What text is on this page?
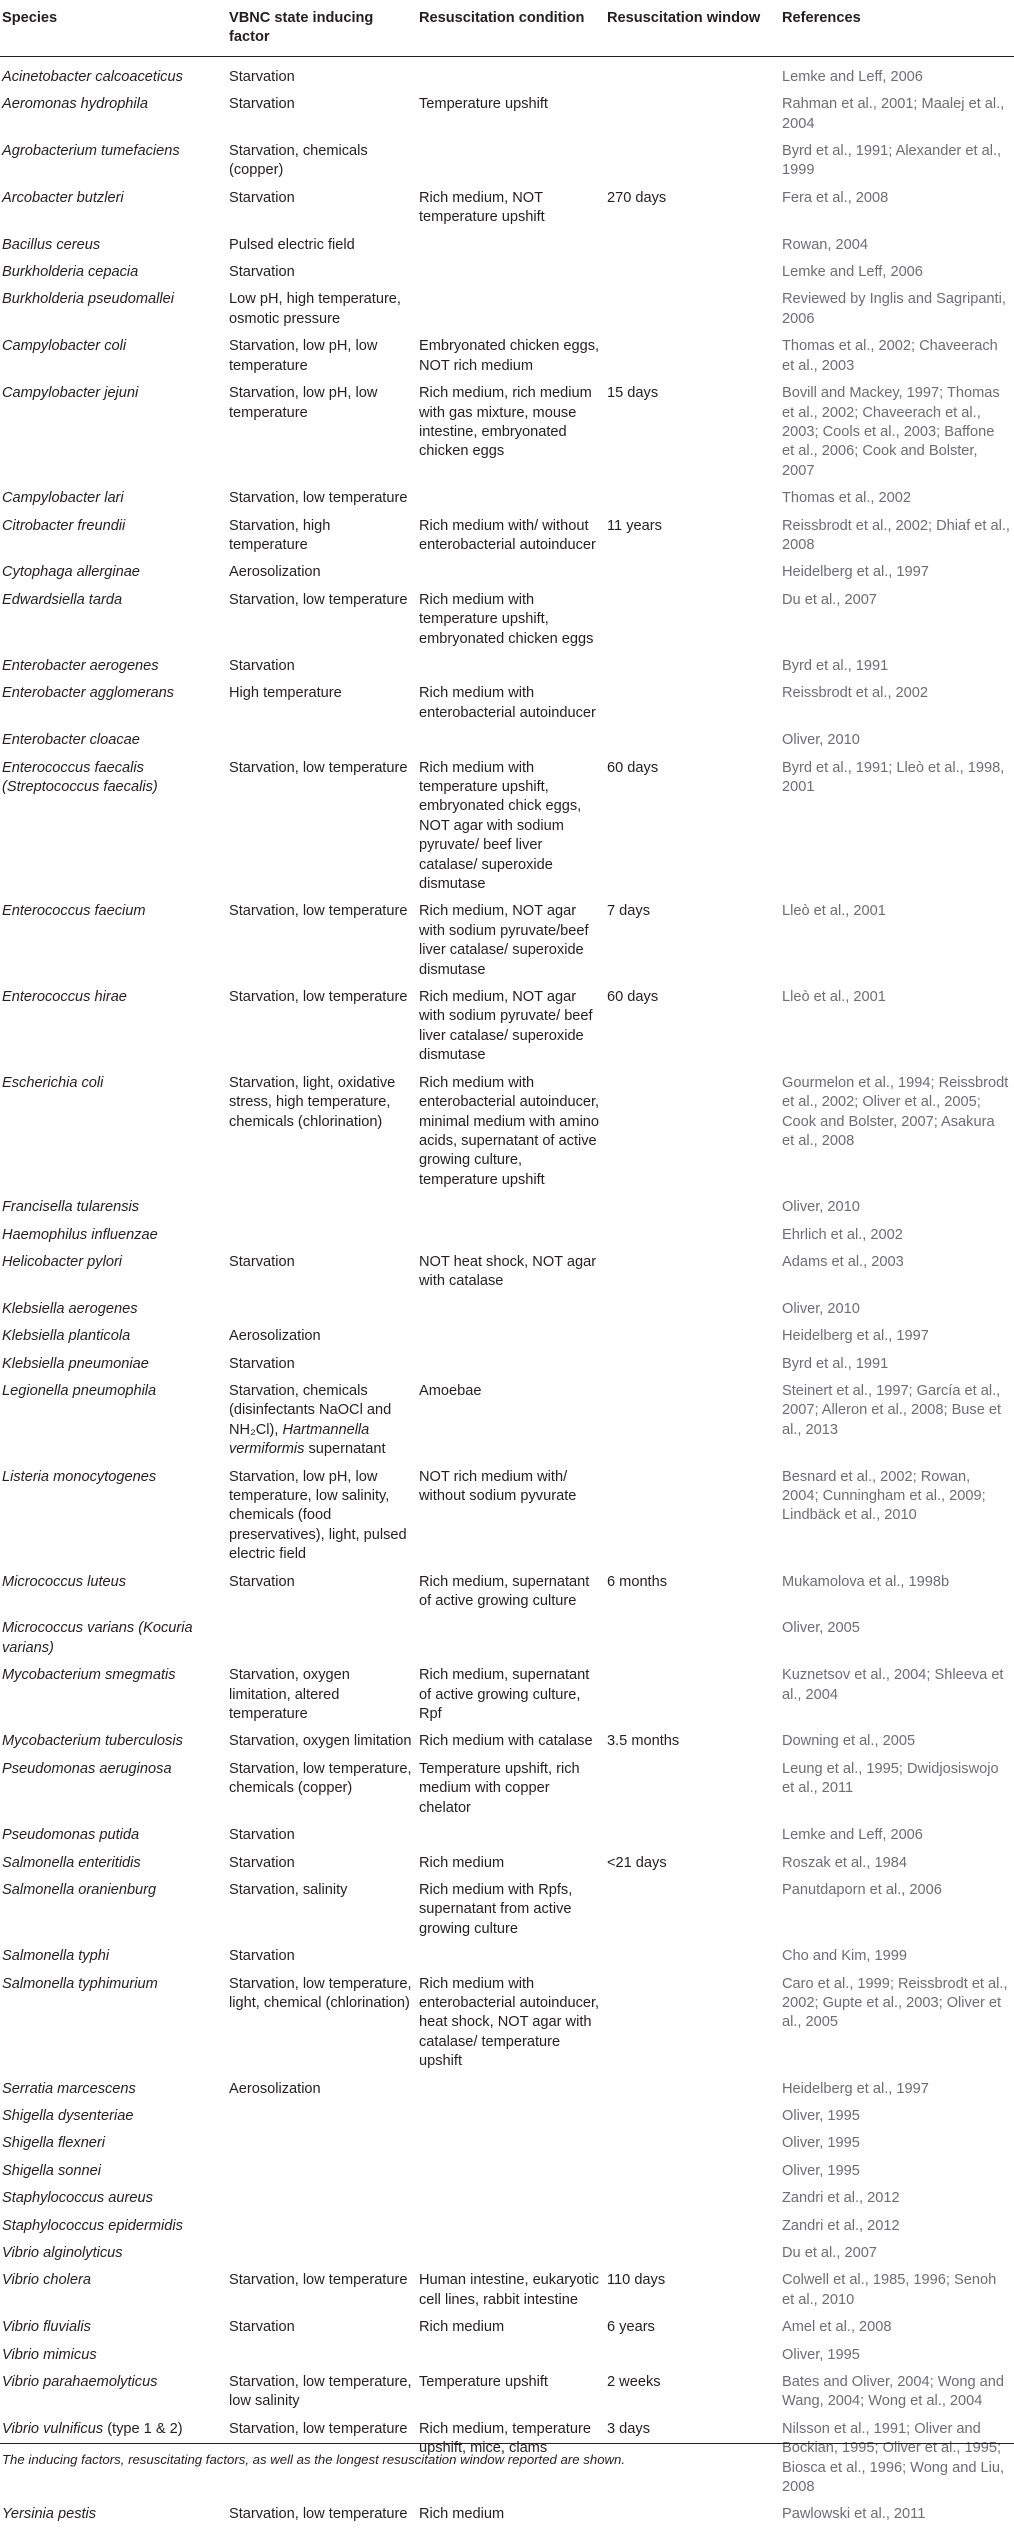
Species	VBNC state inducing factor	Resuscitation condition	Resuscitation window	References
Acinetobacter calcoaceticus	Starvation			Lemke and Leff, 2006
Aeromonas hydrophila	Starvation	Temperature upshift		Rahman et al., 2001; Maalej et al., 2004
Agrobacterium tumefaciens	Starvation, chemicals (copper)			Byrd et al., 1991; Alexander et al., 1999
Arcobacter butzleri	Starvation	Rich medium, NOT temperature upshift	270 days	Fera et al., 2008
Bacillus cereus	Pulsed electric field			Rowan, 2004
Burkholderia cepacia	Starvation			Lemke and Leff, 2006
Burkholderia pseudomallei	Low pH, high temperature, osmotic pressure			Reviewed by Inglis and Sagripanti, 2006
Campylobacter coli	Starvation, low pH, low temperature	Embryonated chicken eggs, NOT rich medium		Thomas et al., 2002; Chaveerach et al., 2003
Campylobacter jejuni	Starvation, low pH, low temperature	Rich medium, rich medium with gas mixture, mouse intestine, embryonated chicken eggs	15 days	Bovill and Mackey, 1997; Thomas et al., 2002; Chaveerach et al., 2003; Cools et al., 2003; Baffone et al., 2006; Cook and Bolster, 2007
Campylobacter lari	Starvation, low temperature			Thomas et al., 2002
Citrobacter freundii	Starvation, high temperature	Rich medium with/ without enterobacterial autoinducer	11 years	Reissbrodt et al., 2002; Dhiaf et al., 2008
Cytophaga allerginae	Aerosolization			Heidelberg et al., 1997
Edwardsiella tarda	Starvation, low temperature	Rich medium with temperature upshift, embryonated chicken eggs		Du et al., 2007
Enterobacter aerogenes	Starvation			Byrd et al., 1991
Enterobacter agglomerans	High temperature	Rich medium with enterobacterial autoinducer		Reissbrodt et al., 2002
Enterobacter cloacae				Oliver, 2010
Enterococcus faecalis (Streptococcus faecalis)	Starvation, low temperature	Rich medium with temperature upshift, embryonated chick eggs, NOT agar with sodium pyruvate/ beef liver catalase/ superoxide dismutase	60 days	Byrd et al., 1991; Lleò et al., 1998, 2001
Enterococcus faecium	Starvation, low temperature	Rich medium, NOT agar with sodium pyruvate/beef liver catalase/ superoxide dismutase	7 days	Lleò et al., 2001
Enterococcus hirae	Starvation, low temperature	Rich medium, NOT agar with sodium pyruvate/ beef liver catalase/ superoxide dismutase	60 days	Lleò et al., 2001
Escherichia coli	Starvation, light, oxidative stress, high temperature, chemicals (chlorination)	Rich medium with enterobacterial autoinducer, minimal medium with amino acids, supernatant of active growing culture, temperature upshift		Gourmelon et al., 1994; Reissbrodt et al., 2002; Oliver et al., 2005; Cook and Bolster, 2007; Asakura et al., 2008
Francisella tularensis				Oliver, 2010
Haemophilus influenzae				Ehrlich et al., 2002
Helicobacter pylori	Starvation	NOT heat shock, NOT agar with catalase		Adams et al., 2003
Klebsiella aerogenes				Oliver, 2010
Klebsiella planticola	Aerosolization			Heidelberg et al., 1997
Klebsiella pneumoniae	Starvation			Byrd et al., 1991
Legionella pneumophila	Starvation, chemicals (disinfectants NaOCl and NH₂Cl), Hartmannella vermiformis supernatant	Amoebae		Steinert et al., 1997; García et al., 2007; Alleron et al., 2008; Buse et al., 2013
Listeria monocytogenes	Starvation, low pH, low temperature, low salinity, chemicals (food preservatives), light, pulsed electric field	NOT rich medium with/ without sodium pyvurate		Besnard et al., 2002; Rowan, 2004; Cunningham et al., 2009; Lindbäck et al., 2010
Micrococcus luteus	Starvation	Rich medium, supernatant of active growing culture	6 months	Mukamolova et al., 1998b
Micrococcus varians (Kocuria varians)				Oliver, 2005
Mycobacterium smegmatis	Starvation, oxygen limitation, altered temperature	Rich medium, supernatant of active growing culture, Rpf		Kuznetsov et al., 2004; Shleeva et al., 2004
Mycobacterium tuberculosis	Starvation, oxygen limitation	Rich medium with catalase	3.5 months	Downing et al., 2005
Pseudomonas aeruginosa	Starvation, low temperature, chemicals (copper)	Temperature upshift, rich medium with copper chelator		Leung et al., 1995; Dwidjosiswojo et al., 2011
Pseudomonas putida	Starvation			Lemke and Leff, 2006
Salmonella enteritidis	Starvation	Rich medium	<21 days	Roszak et al., 1984
Salmonella oranienburg	Starvation, salinity	Rich medium with Rpfs, supernatant from active growing culture		Panutdaporn et al., 2006
Salmonella typhi	Starvation			Cho and Kim, 1999
Salmonella typhimurium	Starvation, low temperature, light, chemical (chlorination)	Rich medium with enterobacterial autoinducer, heat shock, NOT agar with catalase/ temperature upshift		Caro et al., 1999; Reissbrodt et al., 2002; Gupte et al., 2003; Oliver et al., 2005
Serratia marcescens	Aerosolization			Heidelberg et al., 1997
Shigella dysenteriae				Oliver, 1995
Shigella flexneri				Oliver, 1995
Shigella sonnei				Oliver, 1995
Staphylococcus aureus				Zandri et al., 2012
Staphylococcus epidermidis				Zandri et al., 2012
Vibrio alginolyticus				Du et al., 2007
Vibrio cholera	Starvation, low temperature	Human intestine, eukaryotic cell lines, rabbit intestine	110 days	Colwell et al., 1985, 1996; Senoh et al., 2010
Vibrio fluvialis	Starvation	Rich medium	6 years	Amel et al., 2008
Vibrio mimicus				Oliver, 1995
Vibrio parahaemolyticus	Starvation, low temperature, low salinity	Temperature upshift	2 weeks	Bates and Oliver, 2004; Wong and Wang, 2004; Wong et al., 2004
Vibrio vulnificus (type 1 & 2)	Starvation, low temperature	Rich medium, temperature upshift, mice, clams	3 days	Nilsson et al., 1991; Oliver and Bockian, 1995; Oliver et al., 1995; Biosca et al., 1996; Wong and Liu, 2008
Yersinia pestis	Starvation, low temperature	Rich medium		Pawlowski et al., 2011
The inducing factors, resuscitating factors, as well as the longest resuscitation window reported are shown.
